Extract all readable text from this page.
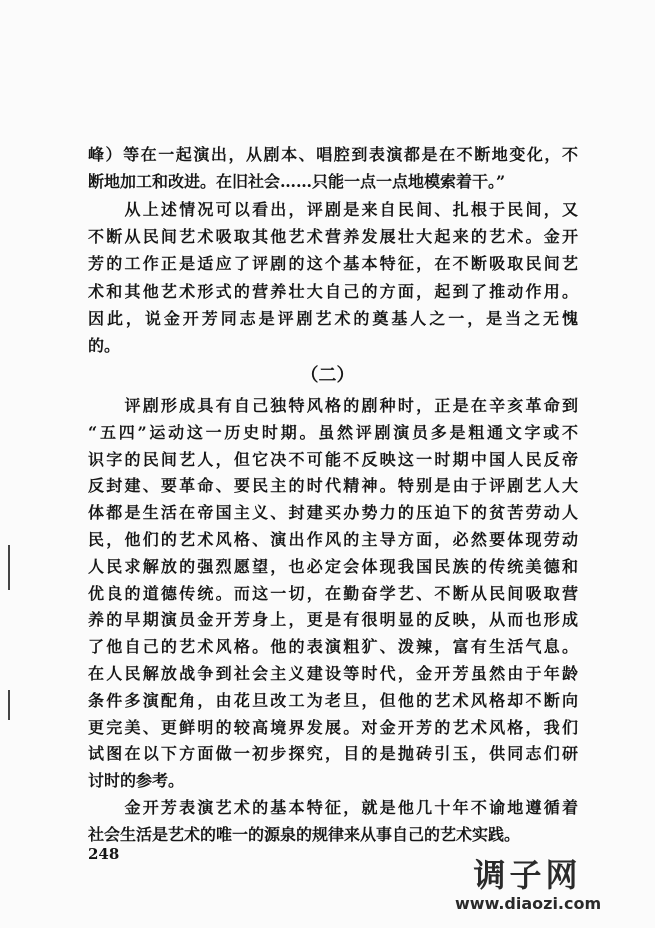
峰）等在一起演出，从剧本、唱腔到表演都是在不断地变化，不
断地加工和改进。在旧社会……只能一点一点地模索着干。”
　　从上述情况可以看出，评剧是来自民间、扎根于民间，又
不断从民间艺术吸取其他艺术营养发展壮大起来的艺术。金开
芳的工作正是适应了评剧的这个基本特征，在不断吸取民间艺
术和其他艺术形式的营养壮大自己的方面，起到了推动作用。
因此，说金开芳同志是评剧艺术的奠基人之一，是当之无愧
的。
（二）
　　评剧形成具有自己独特风格的剧种时，正是在辛亥革命到
“五四”运动这一历史时期。虽然评剧演员多是粗通文字或不
识字的民间艺人，但它决不可能不反映这一时期中国人民反帝
反封建、要革命、要民主的时代精神。特别是由于评剧艺人大
体都是生活在帝国主义、封建买办势力的压迫下的贫苦劳动人
民，他们的艺术风格、演出作风的主导方面，必然要体现劳动
人民求解放的强烈愿望，也必定会体现我国民族的传统美德和
优良的道德传统。而这一切，在勤奋学艺、不断从民间吸取营
养的早期演员金开芳身上，更是有很明显的反映，从而也形成
了他自己的艺术风格。他的表演粗犷、泼辣，富有生活气息。
在人民解放战争到社会主义建设等时代，金开芳虽然由于年龄
条件多演配角，由花旦改工为老旦，但他的艺术风格却不断向
更完美、更鲜明的较高境界发展。对金开芳的艺术风格，我们
试图在以下方面做一初步探究，目的是抛砖引玉，供同志们研
讨时的参考。
　　金开芳表演艺术的基本特征，就是他几十年不谕地遵循着
社会生活是艺术的唯一的源泉的规律来从事自己的艺术实践。
248
调子网
www.diaozi.com
